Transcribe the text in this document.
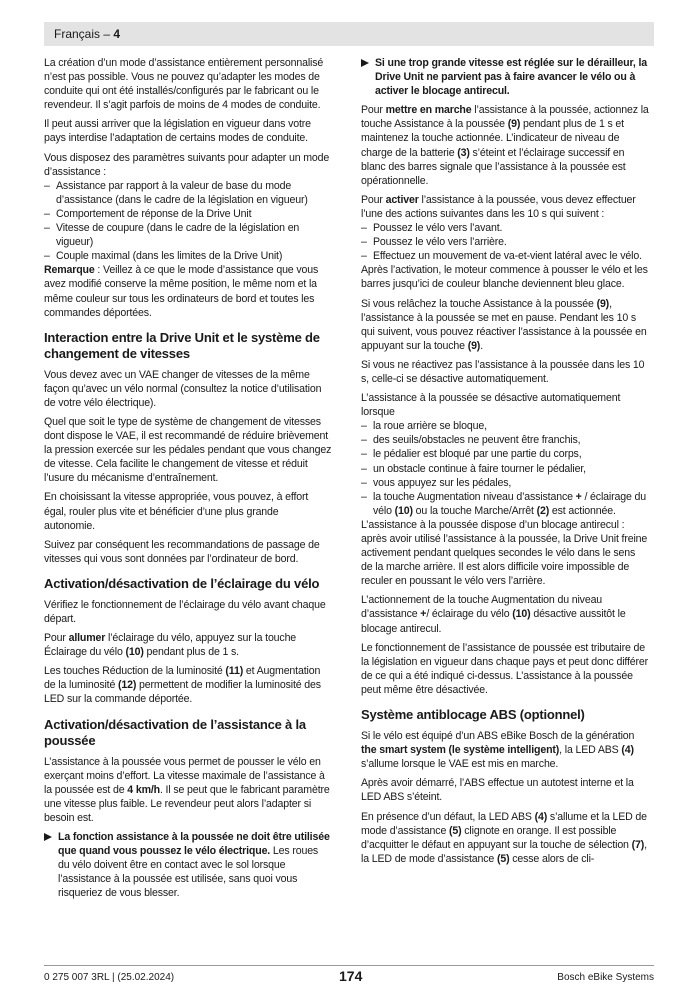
Français – 4

La création d’un mode d’assistance entièrement personnalisé n’est pas possible. Vous ne pouvez qu’adapter les modes de conduite qui ont été installés/configurés par le fabricant ou le revendeur. Il s’agit parfois de moins de 4 modes de conduite.

Il peut aussi arriver que la législation en vigueur dans votre pays interdise l’adaptation de certains modes de conduite.

Vous disposez des paramètres suivants pour adapter un mode d’assistance :

– Assistance par rapport à la valeur de base du mode d’assistance (dans le cadre de la législation en vigueur)
– Comportement de réponse de la Drive Unit
– Vitesse de coupure (dans le cadre de la législation en vigueur)
– Couple maximal (dans les limites de la Drive Unit)

Remarque : Veillez à ce que le mode d’assistance que vous avez modifié conserve la même position, le même nom et la même couleur sur tous les ordinateurs de bord et toutes les commandes déportées.

Interaction entre la Drive Unit et le système de changement de vitesses

Vous devez avec un VAE changer de vitesses de la même façon qu’avec un vélo normal (consultez la notice d’utilisation de votre vélo électrique).

Quel que soit le type de système de changement de vitesses dont dispose le VAE, il est recommandé de réduire brièvement la pression exercée sur les pédales pendant que vous changez de vitesse. Cela facilite le changement de vitesse et réduit l’usure du mécanisme d’entraînement.

En choisissant la vitesse appropriée, vous pouvez, à effort égal, rouler plus vite et bénéficier d’une plus grande autonomie.

Suivez par conséquent les recommandations de passage de vitesses qui vous sont données par l’ordinateur de bord.

Activation/désactivation de l’éclairage du vélo

Vérifiez le fonctionnement de l’éclairage du vélo avant chaque départ.

Pour allumer l’éclairage du vélo, appuyez sur la touche Éclairage du vélo (10) pendant plus de 1 s.

Les touches Réduction de la luminosité (11) et Augmentation de la luminosité (12) permettent de modifier la luminosité des LED sur la commande déportée.

Activation/désactivation de l’assistance à la poussée

L’assistance à la poussée vous permet de pousser le vélo en exerçant moins d’effort. La vitesse maximale de l’assistance à la poussée est de 4 km/h. Il se peut que le fabricant paramètre une vitesse plus faible. Le revendeur peut alors l’adapter si besoin est.

La fonction assistance à la poussée ne doit être utilisée que quand vous poussez le vélo électrique. Les roues du vélo doivent être en contact avec le sol lorsque l’assistance à la poussée est utilisée, sans quoi vous risqueriez de vous blesser.
Si une trop grande vitesse est réglée sur le dérailleur, la Drive Unit ne parvient pas à faire avancer le vélo ou à activer le blocage antirecul.

Pour mettre en marche l’assistance à la poussée, actionnez la touche Assistance à la poussée (9) pendant plus de 1 s et maintenez la touche actionnée. L’indicateur de niveau de charge de la batterie (3) s’éteint et l’éclairage successif en blanc des barres signale que l’assistance à la poussée est opérationnelle.

Pour activer l’assistance à la poussée, vous devez effectuer l’une des actions suivantes dans les 10 s qui suivent :

– Poussez le vélo vers l’avant.
– Poussez le vélo vers l’arrière.
– Effectuez un mouvement de va-et-vient latéral avec le vélo.

Après l’activation, le moteur commence à pousser le vélo et les barres jusqu’ici de couleur blanche deviennent bleu glace.

Si vous relâchez la touche Assistance à la poussée (9), l’assistance à la poussée se met en pause. Pendant les 10 s qui suivent, vous pouvez réactiver l’assistance à la poussée en appuyant sur la touche (9).

Si vous ne réactivez pas l’assistance à la poussée dans les 10 s, celle-ci se désactive automatiquement.

L’assistance à la poussée se désactive automatiquement lorsque

– la roue arrière se bloque,
– des seuils/obstacles ne peuvent être franchis,
– le pédalier est bloqué par une partie du corps,
– un obstacle continue à faire tourner le pédalier,
– vous appuyez sur les pédales,
– la touche Augmentation niveau d’assistance + / éclairage du vélo (10) ou la touche Marche/Arrêt (2) est actionnée.

L’assistance à la poussée dispose d’un blocage antirecul : après avoir utilisé l’assistance à la poussée, la Drive Unit freine activement pendant quelques secondes le vélo dans le sens de la marche arrière. Il est alors difficile voire impossible de reculer en poussant le vélo vers l’arrière.

L’actionnement de la touche Augmentation du niveau d’assistance +/ éclairage du vélo (10) désactive aussitôt le blocage antirecul.

Le fonctionnement de l’assistance de poussée est tributaire de la législation en vigueur dans chaque pays et peut donc différer de ce qui a été indiqué ci-dessus. L’assistance à la poussée peut même être désactivée.

Système antiblocage ABS (optionnel)

Si le vélo est équipé d’un ABS eBike Bosch de la génération the smart system (le système intelligent), la LED ABS (4) s’allume lorsque le VAE est mis en marche.

Après avoir démarré, l’ABS effectue un autotest interne et la LED ABS s’éteint.

En présence d’un défaut, la LED ABS (4) s’allume et la LED de mode d’assistance (5) clignote en orange. Il est possible d’acquitter le défaut en appuyant sur la touche de sélection (7), la LED de mode d’assistance (5) cesse alors de cli-

0 275 007 3RL | (25.02.2024)	174	Bosch eBike Systems
